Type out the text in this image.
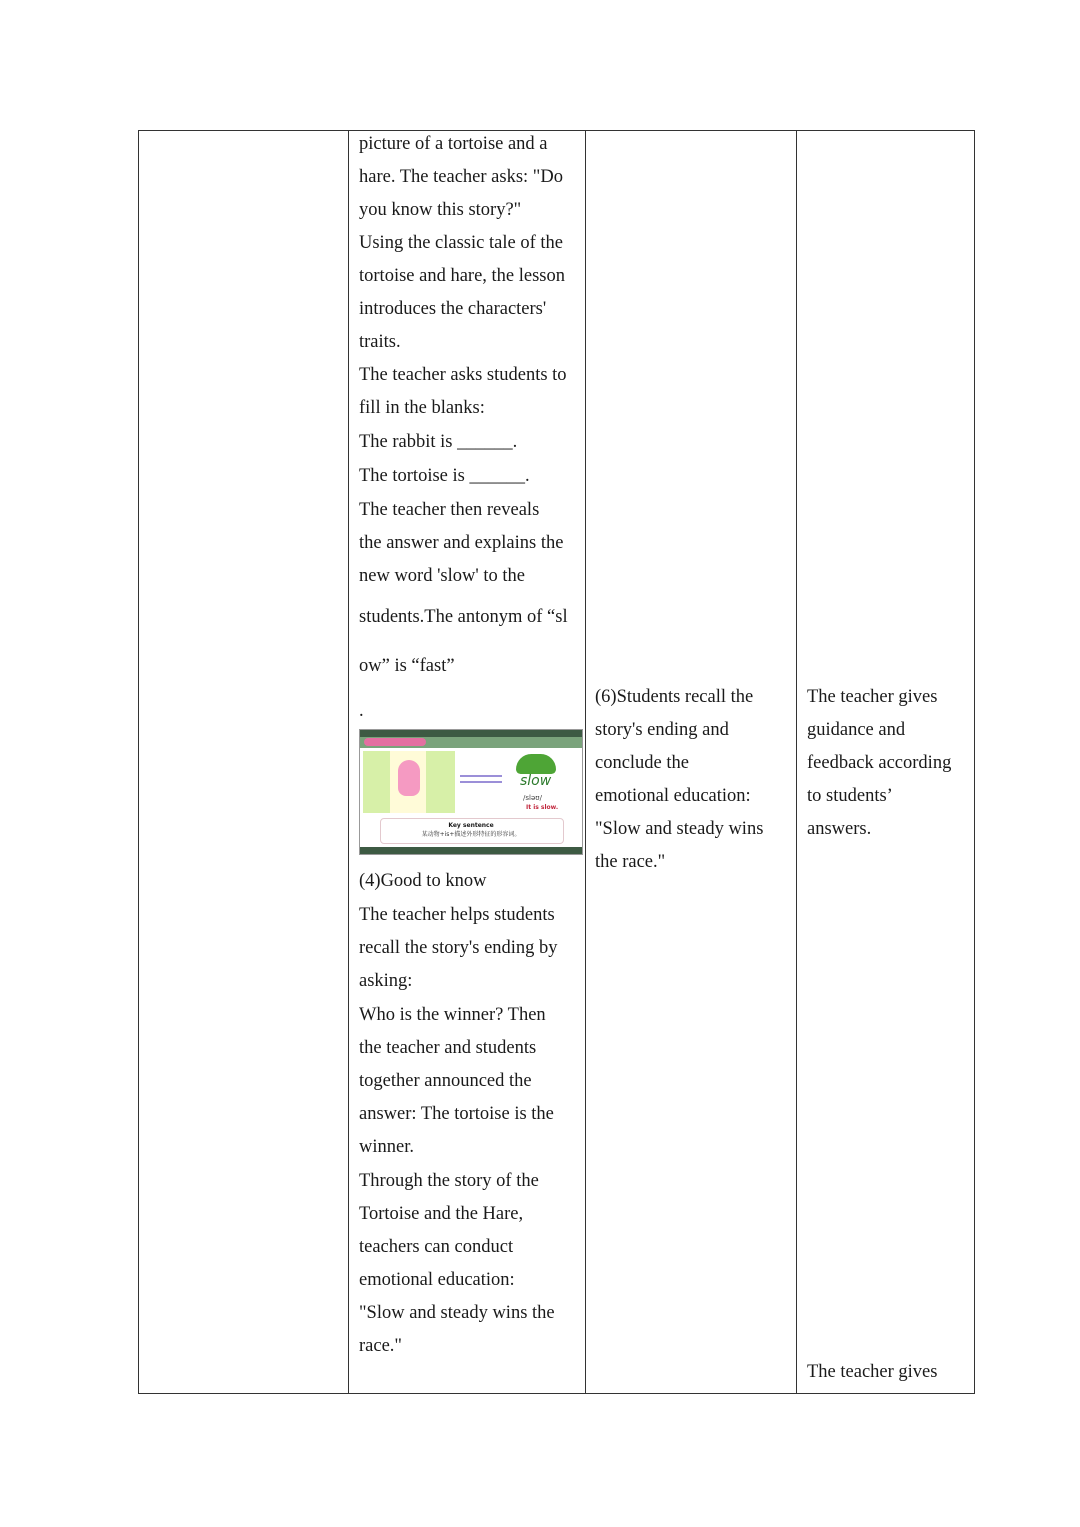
picture of a tortoise and a
hare. The teacher asks: "Do
you know this story?"
Using the classic tale of the
tortoise and hare, the lesson
introduces the characters'
traits.
The teacher asks students to
fill in the blanks:
The rabbit is ______.
The tortoise is ______.
The teacher then reveals
the answer and explains the
new word 'slow' to the
students.The antonym of “sl
ow” is “fast”
.
slow
/sləʊ/
It is slow.
Key sentence
某动物+is+描述外形特征的形容词。
(4)Good to know
The teacher helps students
recall the story's ending by
asking:
Who is the winner? Then
the teacher and students
together announced the
answer: The tortoise is the
winner.
Through the story of the
Tortoise and the Hare,
teachers can conduct
emotional education:
"Slow and steady wins the
race."
(6)Students recall the
story's ending and
conclude the
emotional education:
"Slow and steady wins
the race."
The teacher gives
guidance and
feedback according
to students’
answers.
The teacher gives
